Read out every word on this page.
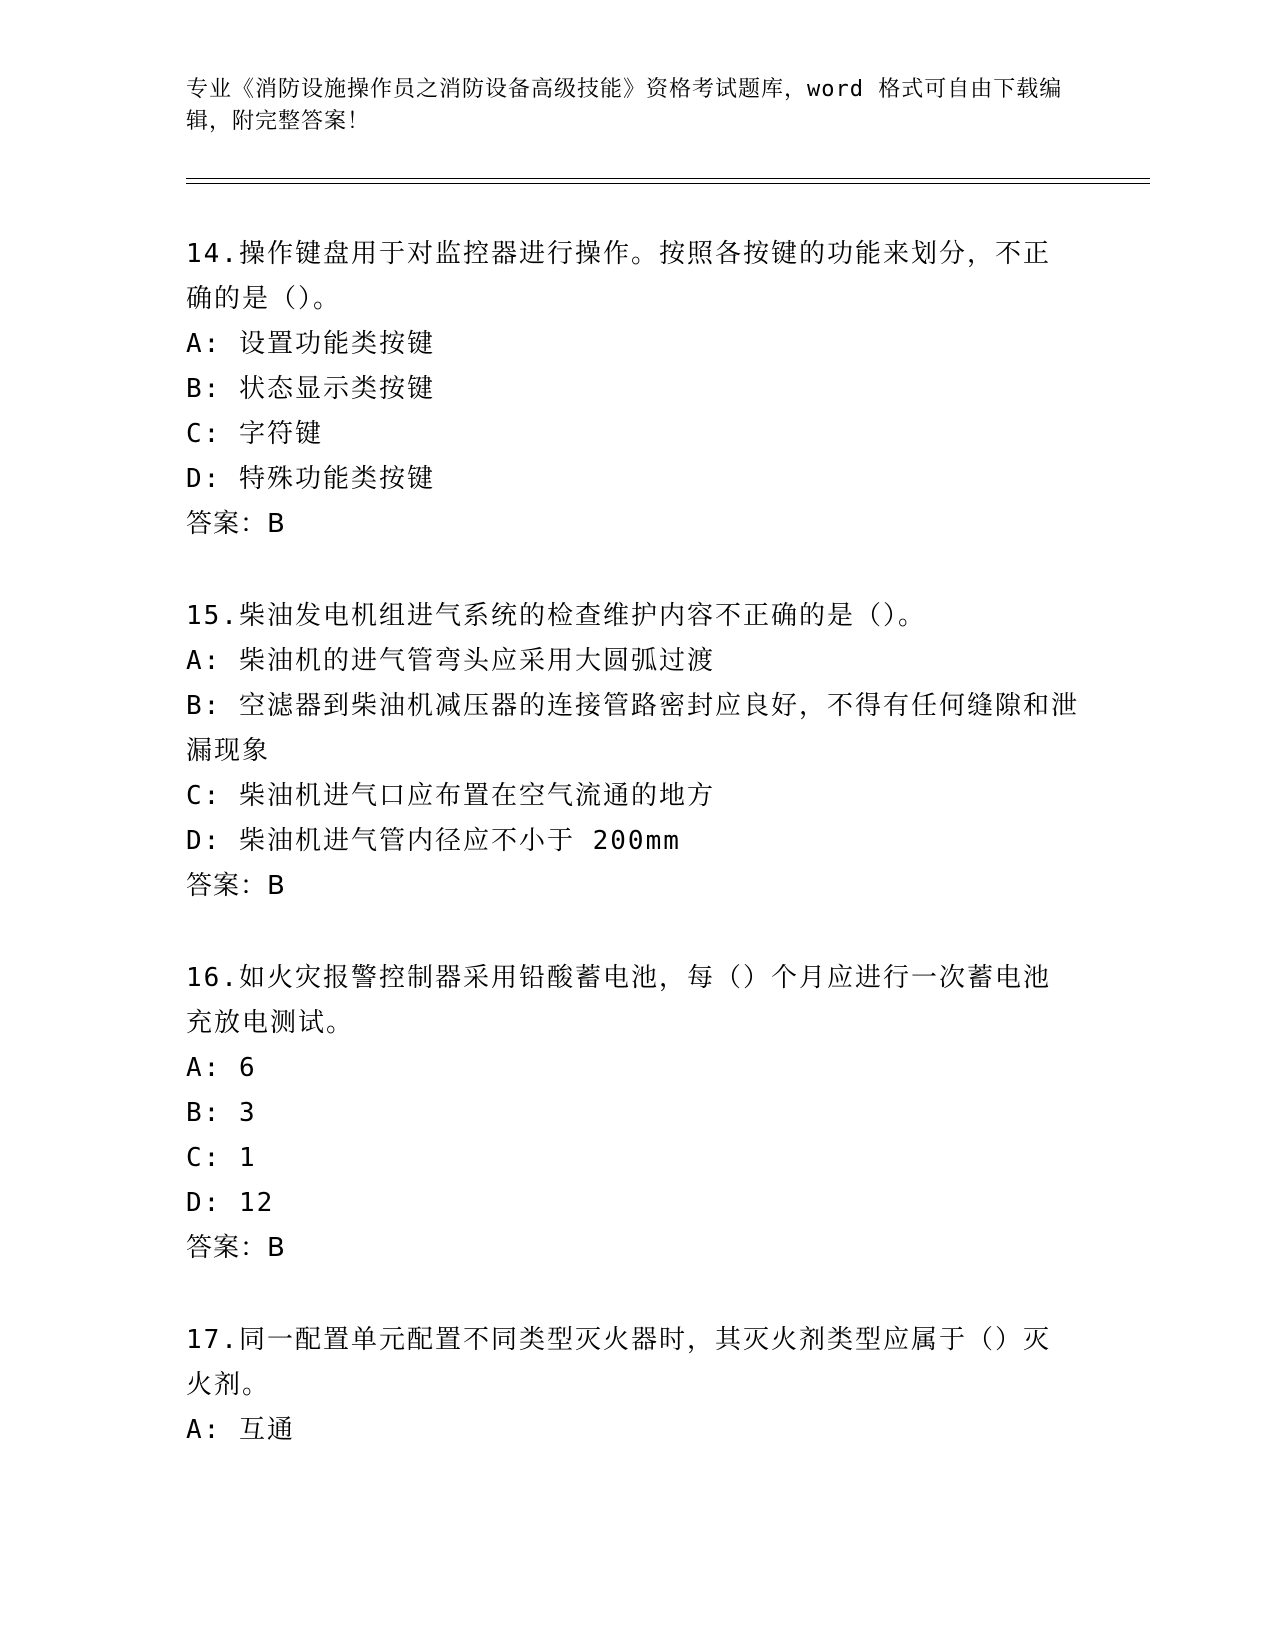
专业《消防设施操作员之消防设备高级技能》资格考试题库，word 格式可自由下载编辑，附完整答案！
14.操作键盘用于对监控器进行操作。按照各按键的功能来划分，不正确的是（）。
A: 设置功能类按键
B: 状态显示类按键
C: 字符键
D: 特殊功能类按键
答案：B
15.柴油发电机组进气系统的检查维护内容不正确的是（）。
A: 柴油机的进气管弯头应采用大圆弧过渡
B: 空滤器到柴油机减压器的连接管路密封应良好，不得有任何缝隙和泄漏现象
C: 柴油机进气口应布置在空气流通的地方
D: 柴油机进气管内径应不小于 200mm
答案：B
16.如火灾报警控制器采用铅酸蓄电池，每（）个月应进行一次蓄电池充放电测试。
A: 6
B: 3
C: 1
D: 12
答案：B
17.同一配置单元配置不同类型灭火器时，其灭火剂类型应属于（）灭火剂。
A: 互通
